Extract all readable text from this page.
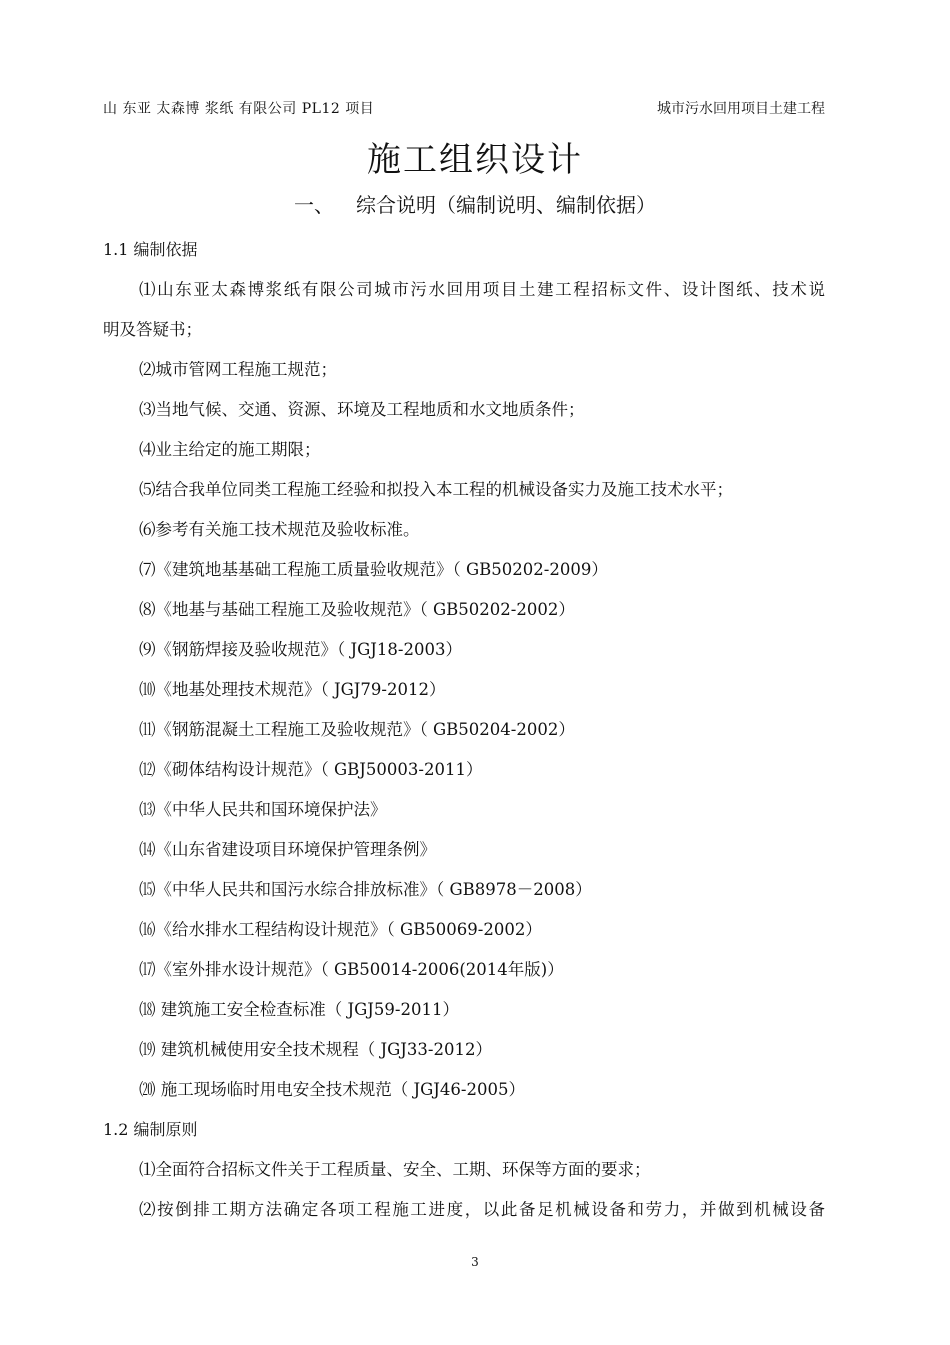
山 东亚 太森博 浆纸 有限公司 PL12 项目	城市污水回用项目土建工程
施工组织设计
一、 综合说明（编制说明、编制依据）
1.1 编制依据
⑴山东亚太森博浆纸有限公司城市污水回用项目土建工程招标文件、设计图纸、技术说
明及答疑书；
⑵城市管网工程施工规范；
⑶当地气候、交通、资源、环境及工程地质和水文地质条件；
⑷业主给定的施工期限；
⑸结合我单位同类工程施工经验和拟投入本工程的机械设备实力及施工技术水平；
⑹参考有关施工技术规范及验收标准。
⑺《建筑地基基础工程施工质量验收规范》（ GB50202-2009）
⑻《地基与基础工程施工及验收规范》（ GB50202-2002）
⑼《钢筋焊接及验收规范》（ JGJ18-2003）
⑽《地基处理技术规范》（ JGJ79-2012）
⑾《钢筋混凝土工程施工及验收规范》（ GB50204-2002）
⑿《砌体结构设计规范》（ GBJ50003-2011）
⒀《中华人民共和国环境保护法》
⒁《山东省建设项目环境保护管理条例》
⒂《中华人民共和国污水综合排放标准》（ GB8978－2008）
⒃《给水排水工程结构设计规范》（ GB50069-2002）
⒄《室外排水设计规范》（ GB50014-2006(2014年版)）
⒅ 建筑施工安全检查标准（ JGJ59-2011）
⒆ 建筑机械使用安全技术规程（ JGJ33-2012）
⒇ 施工现场临时用电安全技术规范（ JGJ46-2005）
1.2 编制原则
⑴全面符合招标文件关于工程质量、安全、工期、环保等方面的要求；
⑵按倒排工期方法确定各项工程施工进度，以此备足机械设备和劳力，并做到机械设备
3
